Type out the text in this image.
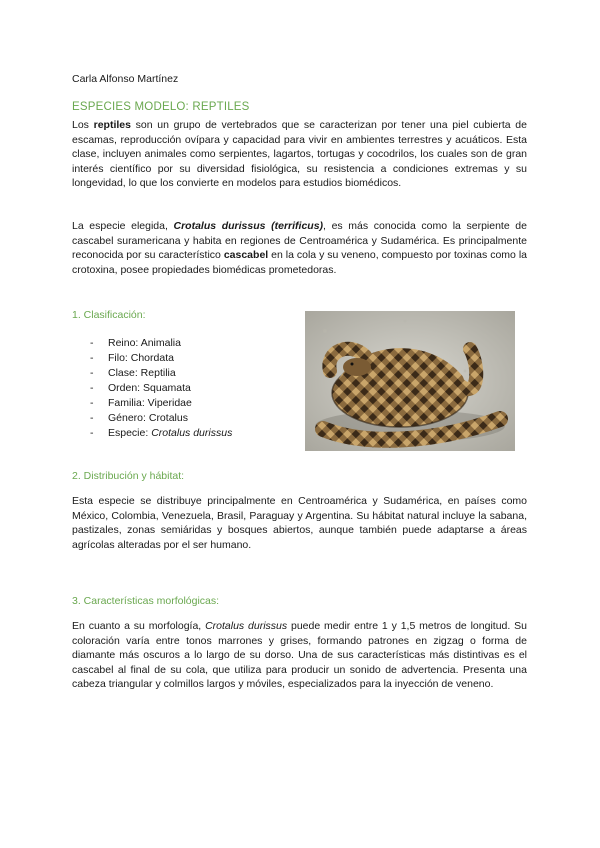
Carla Alfonso Martínez
ESPECIES MODELO: REPTILES

Los reptiles son un grupo de vertebrados que se caracterizan por tener una piel cubierta de escamas, reproducción ovípara y capacidad para vivir en ambientes terrestres y acuáticos. Esta clase, incluyen animales como serpientes, lagartos, tortugas y cocodrilos, los cuales son de gran interés científico por su diversidad fisiológica, su resistencia a condiciones extremas y su longevidad, lo que los convierte en modelos para estudios biomédicos.

La especie elegida, Crotalus durissus (terrificus), es más conocida como la serpiente de cascabel suramericana y habita en regiones de Centroamérica y Sudamérica. Es principalmente reconocida por su característico cascabel en la cola y su veneno, compuesto por toxinas como la crotoxina, posee propiedades biomédicas prometedoras.

1. Clasificación:
-	Reino: Animalia
-	Filo: Chordata
-	Clase: Reptilia
-	Orden: Squamata
-	Familia: Viperidae
-	Género: Crotalus
-	Especie:
Crotalus durissus
2. Distribución y hábitat:

Esta especie se distribuye principalmente en Centroamérica y Sudamérica, en países como México, Colombia, Venezuela, Brasil, Paraguay y Argentina. Su hábitat natural incluye la sabana, pastizales, zonas semiáridas y bosques abiertos, aunque también puede adaptarse a áreas agrícolas alteradas por el ser humano.

3. Características morfológicas:

En cuanto a su morfología, Crotalus durissus puede medir entre 1 y 1,5 metros de longitud. Su coloración varía entre tonos marrones y grises, formando patrones en zigzag o forma de diamante más oscuros a lo largo de su dorso. Una de sus características más distintivas es el cascabel al final de su cola, que utiliza para producir un sonido de advertencia. Presenta una cabeza triangular y colmillos largos y móviles, especializados para la inyección de veneno.
